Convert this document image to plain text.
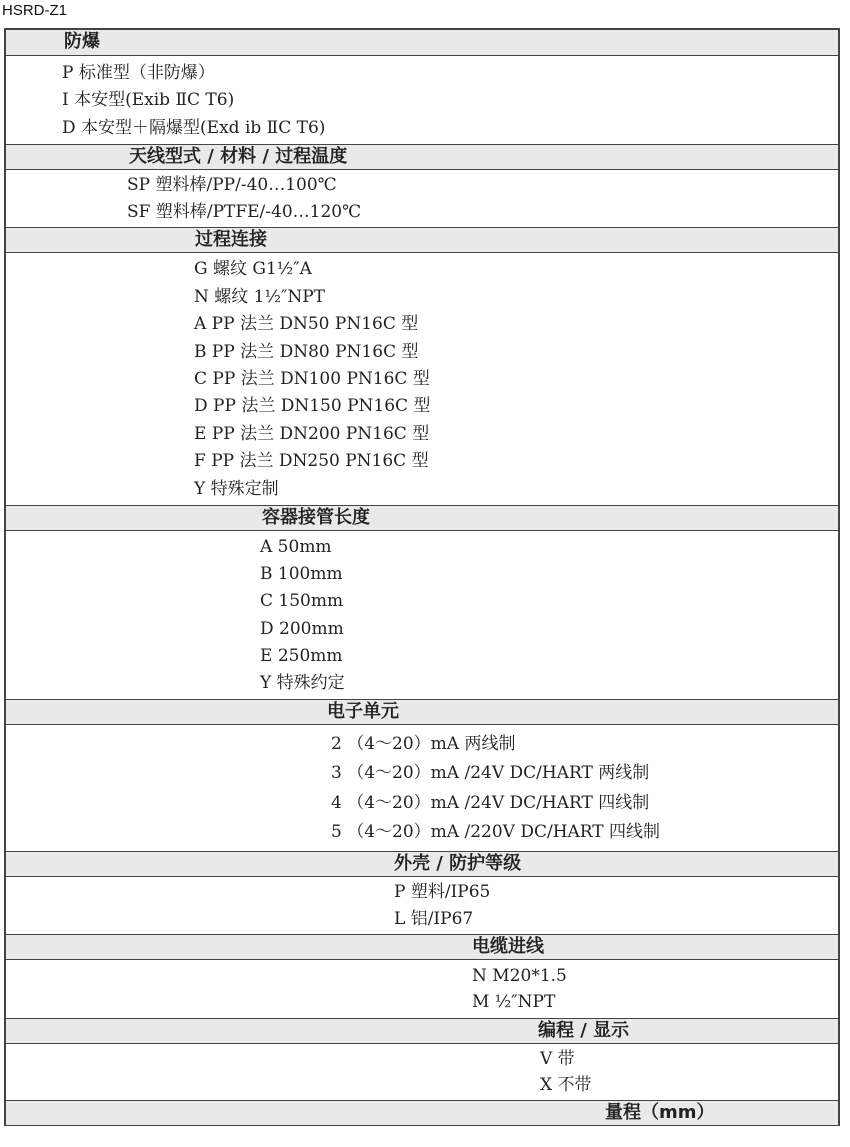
HSRD-Z1
防爆
P 标准型（非防爆）
I 本安型(Exib ⅡC T6)
D 本安型＋隔爆型(Exd ib ⅡC T6)
天线型式 / 材料 / 过程温度
SP 塑料棒/PP/-40…100℃
SF 塑料棒/PTFE/-40…120℃
过程连接
G 螺纹 G1½″A
N 螺纹 1½″NPT
A PP 法兰 DN50 PN16C 型
B PP 法兰 DN80 PN16C 型
C PP 法兰 DN100 PN16C 型
D PP 法兰 DN150 PN16C 型
E PP 法兰 DN200 PN16C 型
F PP 法兰 DN250 PN16C 型
Y 特殊定制
容器接管长度
A 50mm
B 100mm
C 150mm
D 200mm
E 250mm
Y 特殊约定
电子单元
2 （4～20）mA 两线制
3 （4～20）mA /24V DC/HART 两线制
4 （4～20）mA /24V DC/HART 四线制
5 （4～20）mA /220V DC/HART 四线制
外壳 / 防护等级
P 塑料/IP65
L 铝/IP67
电缆进线
N M20*1.5
M ½″NPT
编程 / 显示
V 带
X 不带
量程（mm）
